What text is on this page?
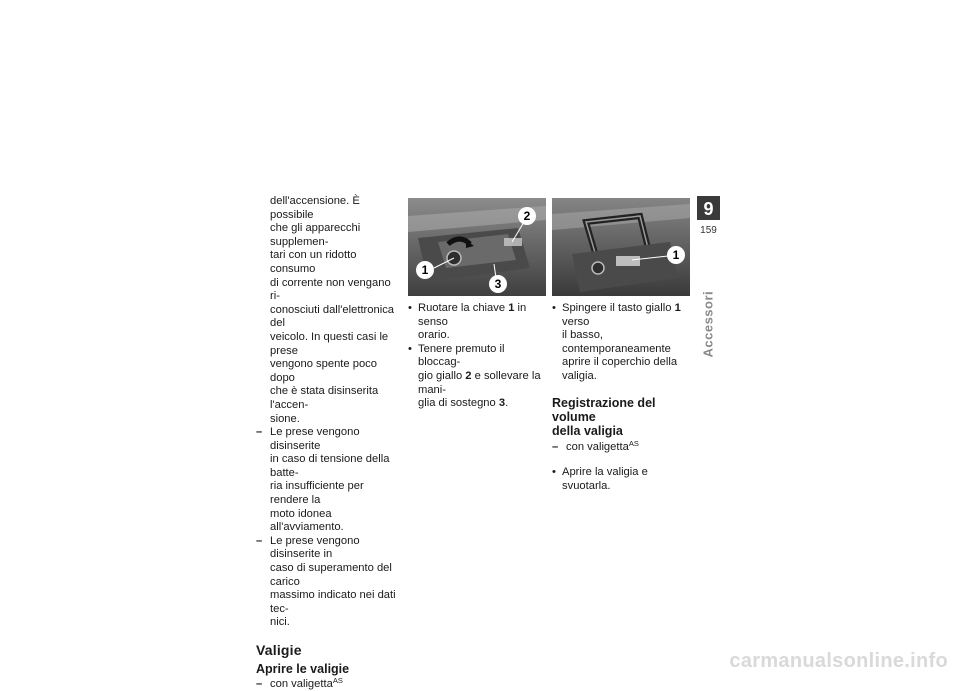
dell'accensione. È possibile
che gli apparecchi supplemen-
tari con un ridotto consumo
di corrente non vengano ri-
conosciuti dall'elettronica del
veicolo. In questi casi le prese
vengono spente poco dopo
che è stata disinserita l'accen-
sione.

– Le prese vengono disinserite
in caso di tensione della batte-
ria insufficiente per rendere la
moto idonea all'avviamento.

– Le prese vengono disinserite in
caso di superamento del carico
massimo indicato nei dati tec-
nici.

Valigie

Aprire le valigie

– con valigetta$^{AS}$

1
2
3

• Ruotare la chiave 1 in senso
orario.

• Tenere premuto il bloccag-
gio giallo 2 e sollevare la mani-
glia di sostegno 3.

1

• Spingere il tasto giallo 1 verso
il basso, contemporaneamente
aprire il coperchio della valigia.

Registrazione del volume
della valigia

– con valigetta$^{AS}$

• Aprire la valigia e svuotarla.

9
159
Accessori
carmanualsonline.info
